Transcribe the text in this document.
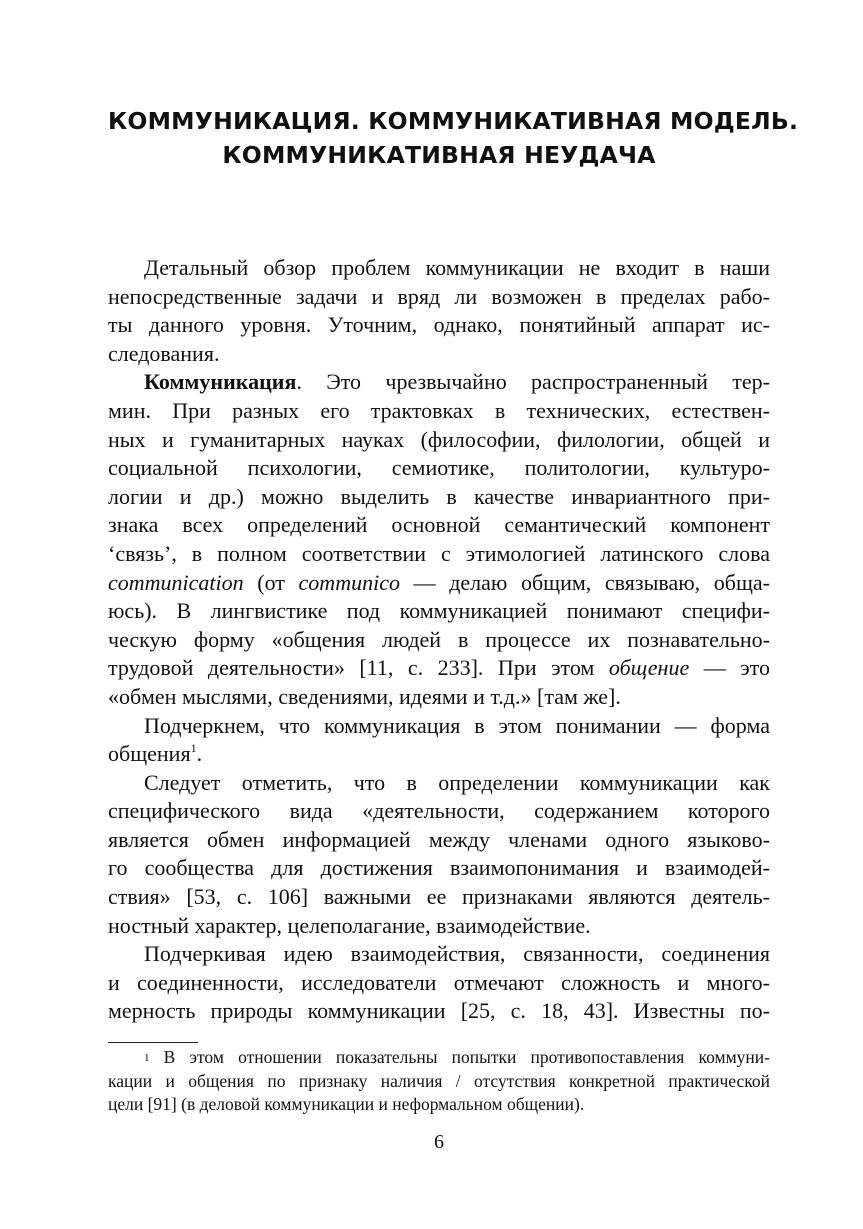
КОММУНИКАЦИЯ. КОММУНИКАТИВНАЯ МОДЕЛЬ.
КОММУНИКАТИВНАЯ НЕУДАЧА
Детальный обзор проблем коммуникации не входит в наши
непосредственные задачи и вряд ли возможен в пределах рабо-
ты данного уровня. Уточним, однако, понятийный аппарат ис-
следования.
Коммуникация. Это чрезвычайно распространенный тер-
мин. При разных его трактовках в технических, естествен-
ных и гуманитарных науках (философии, филологии, общей и
социальной психологии, семиотике, политологии, культуро-
логии и др.) можно выделить в качестве инвариантного при-
знака всех определений основной семантический компонент
‘связь’, в полном соответствии с этимологией латинского слова
communication (от communico — делаю общим, связываю, обща-
юсь). В лингвистике под коммуникацией понимают специфи-
ческую форму «общения людей в процессе их познавательно-
трудовой деятельности» [11, с. 233]. При этом общение — это
«обмен мыслями, сведениями, идеями и т.д.» [там же].
Подчеркнем, что коммуникация в этом понимании — форма
общения$^1$.
Следует отметить, что в определении коммуникации как
специфического вида «деятельности, содержанием которого
является обмен информацией между членами одного языково-
го сообщества для достижения взаимопонимания и взаимодей-
ствия» [53, с. 106] важными ее признаками являются деятель-
ностный характер, целеполагание, взаимодействие.
Подчеркивая идею взаимодействия, связанности, соединения
и соединенности, исследователи отмечают сложность и много-
мерность природы коммуникации [25, с. 18, 43]. Известны по-
$^1$ В этом отношении показательны попытки противопоставления коммуни-
кации и общения по признаку наличия / отсутствия конкретной практической
цели [91] (в деловой коммуникации и неформальном общении).
6
